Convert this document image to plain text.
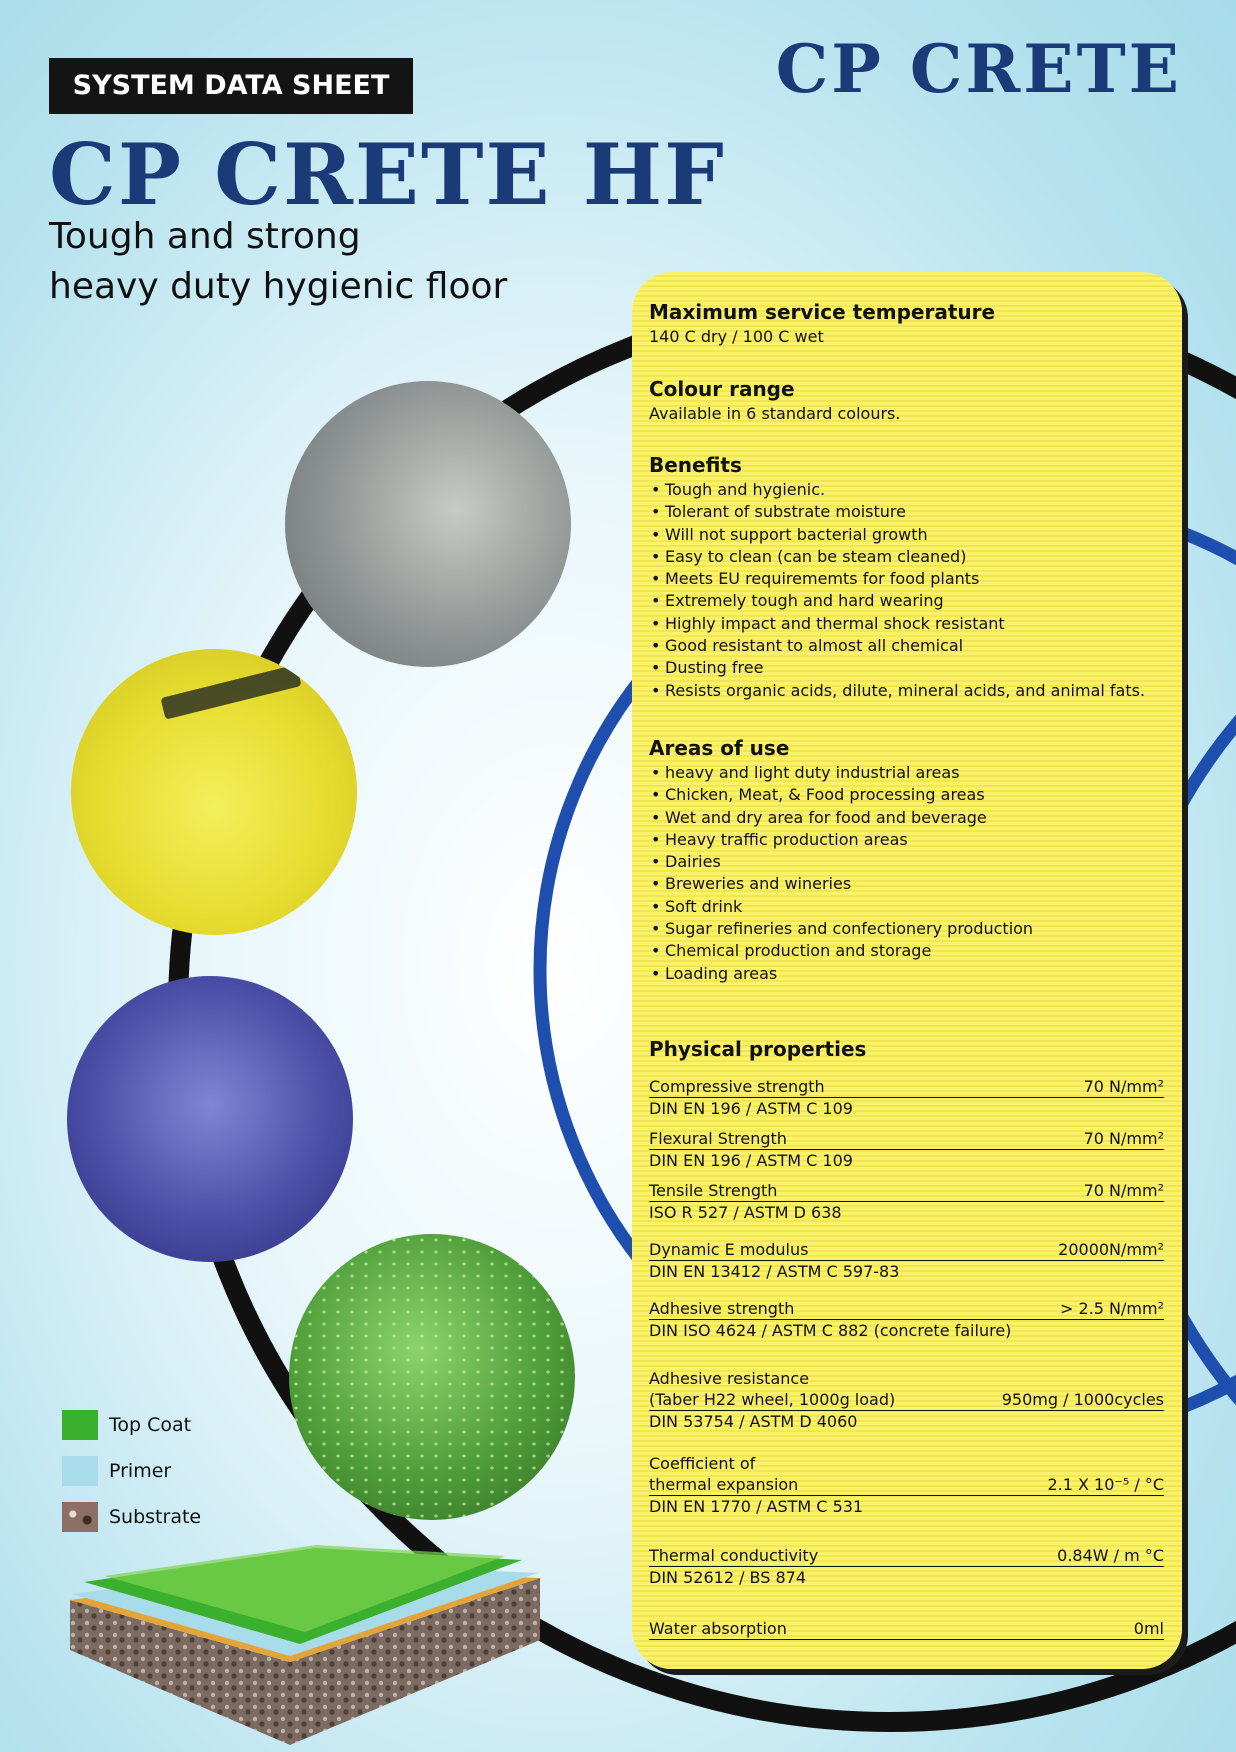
SYSTEM DATA SHEET	CP CRETE
CP CRETE HF
Tough and strong
heavy duty hygienic floor
Top Coat
Primer
Substrate

Maximum service temperature

140 C dry / 100 C wet

Colour range

Available in 6 standard colours.

Benefits

• Tough and hygienic.
• Tolerant of substrate moisture
• Will not support bacterial growth
• Easy to clean (can be steam cleaned)
• Meets EU requirememts for food plants
• Extremely tough and hard wearing
• Highly impact and thermal shock resistant
• Good resistant to almost all chemical
• Dusting free
• Resists organic acids, dilute, mineral acids, and animal fats.

Areas of use

• heavy and light duty industrial areas
• Chicken, Meat, & Food processing areas
• Wet and dry area for food and beverage
• Heavy traffic production areas
• Dairies
• Breweries and wineries
• Soft drink
• Sugar refineries and confectionery production
• Chemical production and storage
• Loading areas

Physical properties

Compressive strength	70 N/mm²
DIN EN 196 / ASTM C 109
Flexural Strength	70 N/mm²
DIN EN 196 / ASTM C 109
Tensile Strength	70 N/mm²
ISO R 527 / ASTM D 638
Dynamic E modulus	20000N/mm²
DIN EN 13412 / ASTM C 597-83
Adhesive strength	> 2.5 N/mm²
DIN ISO 4624 / ASTM C 882 (concrete failure)
Adhesive resistance
(Taber H22 wheel, 1000g load)	950mg / 1000cycles
DIN 53754 / ASTM D 4060
Coefficient of
thermal expansion	2.1 X 10⁻⁵ / °C
DIN EN 1770 / ASTM C 531
Thermal conductivity	0.84W / m °C
DIN 52612 / BS 874
Water absorption	0ml
